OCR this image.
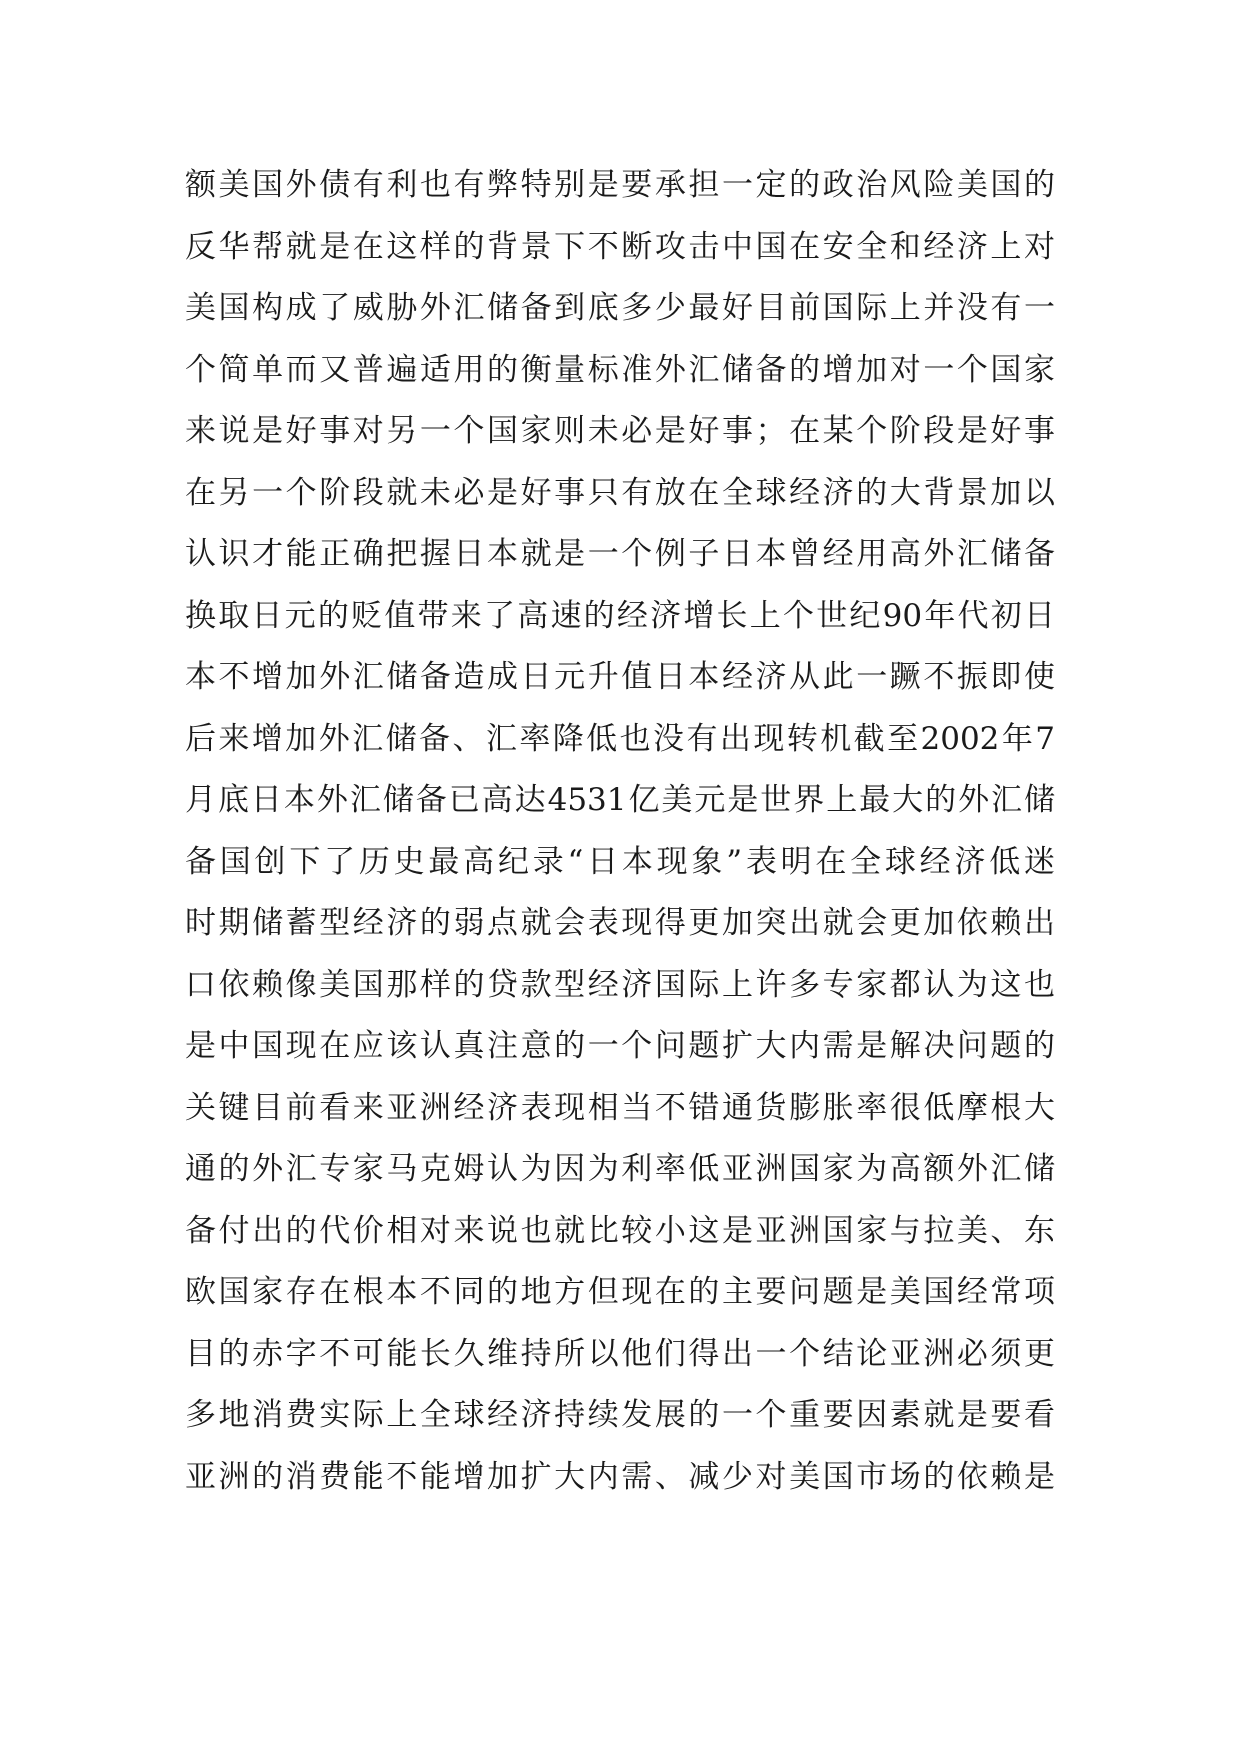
额美国外债有利也有弊特别是要承担一定的政治风险美国的
反华帮就是在这样的背景下不断攻击中国在安全和经济上对
美国构成了威胁外汇储备到底多少最好目前国际上并没有一
个简单而又普遍适用的衡量标准外汇储备的增加对一个国家
来说是好事对另一个国家则未必是好事；在某个阶段是好事
在另一个阶段就未必是好事只有放在全球经济的大背景加以
认识才能正确把握日本就是一个例子日本曾经用高外汇储备
换取日元的贬值带来了高速的经济增长上个世纪90年代初日
本不增加外汇储备造成日元升值日本经济从此一蹶不振即使
后来增加外汇储备、汇率降低也没有出现转机截至2002年7
月底日本外汇储备已高达4531亿美元是世界上最大的外汇储
备国创下了历史最高纪录“日本现象”表明在全球经济低迷
时期储蓄型经济的弱点就会表现得更加突出就会更加依赖出
口依赖像美国那样的贷款型经济国际上许多专家都认为这也
是中国现在应该认真注意的一个问题扩大内需是解决问题的
关键目前看来亚洲经济表现相当不错通货膨胀率很低摩根大
通的外汇专家马克姆认为因为利率低亚洲国家为高额外汇储
备付出的代价相对来说也就比较小这是亚洲国家与拉美、东
欧国家存在根本不同的地方但现在的主要问题是美国经常项
目的赤字不可能长久维持所以他们得出一个结论亚洲必须更
多地消费实际上全球经济持续发展的一个重要因素就是要看
亚洲的消费能不能增加扩大内需、减少对美国市场的依赖是
